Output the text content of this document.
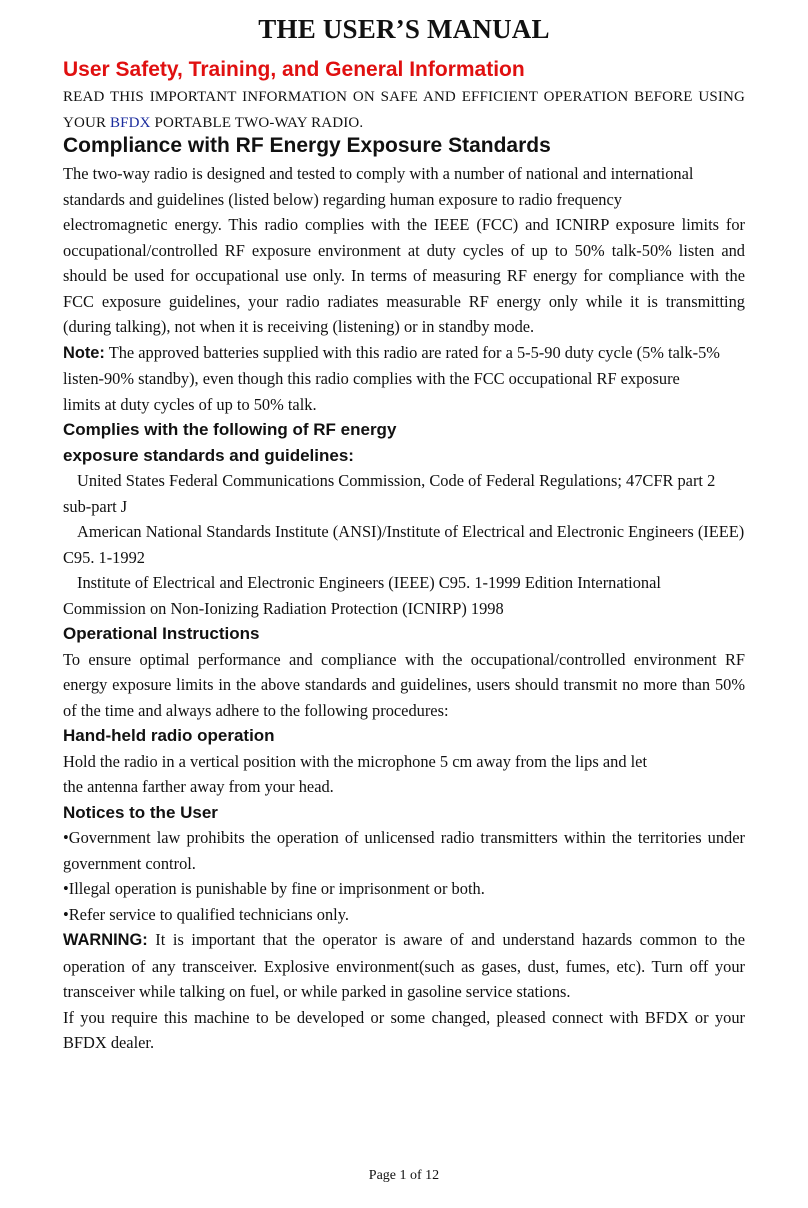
THE USER’S MANUAL
User Safety, Training, and General Information
READ THIS IMPORTANT INFORMATION ON SAFE AND EFFICIENT OPERATION BEFORE USING YOUR BFDX PORTABLE TWO-WAY RADIO.
Compliance with RF Energy Exposure Standards
The two-way radio is designed and tested to comply with a number of national and international
standards and guidelines (listed below) regarding human exposure to radio frequency
electromagnetic energy. This radio complies with the IEEE (FCC) and ICNIRP exposure limits for occupational/controlled RF exposure environment at duty cycles of up to 50% talk-50% listen and should be used for occupational use only. In terms of measuring RF energy for compliance with the FCC exposure guidelines, your radio radiates measurable RF energy only while it is transmitting (during talking), not when it is receiving (listening) or in standby mode.
Note: The approved batteries supplied with this radio are rated for a 5-5-90 duty cycle (5% talk-5%
listen-90% standby), even though this radio complies with the FCC occupational RF exposure
limits at duty cycles of up to 50% talk.
Complies with the following of RF energy
exposure standards and guidelines:
United States Federal Communications Commission, Code of Federal Regulations; 47CFR part 2 sub-part J
American National Standards Institute (ANSI)/Institute of Electrical and Electronic Engineers (IEEE) C95. 1-1992
Institute of Electrical and Electronic Engineers (IEEE) C95. 1-1999 Edition International
Commission on Non-Ionizing Radiation Protection (ICNIRP) 1998
Operational Instructions
To ensure optimal performance and compliance with the occupational/controlled environment RF energy exposure limits in the above standards and guidelines, users should transmit no more than 50% of the time and always adhere to the following procedures:
Hand-held radio operation
Hold the radio in a vertical position with the microphone 5 cm away from the lips and let
the antenna farther away from your head.
Notices to the User
•Government law prohibits the operation of unlicensed radio transmitters within the territories under government control.
•Illegal operation is punishable by fine or imprisonment or both.
•Refer service to qualified technicians only.
WARNING: It is important that the operator is aware of and understand hazards common to the operation of any transceiver. Explosive environment(such as gases, dust, fumes, etc). Turn off your transceiver while talking on fuel, or while parked in gasoline service stations.
If you require this machine to be developed or some changed, pleased connect with BFDX or your BFDX dealer.
Page 1 of 12
